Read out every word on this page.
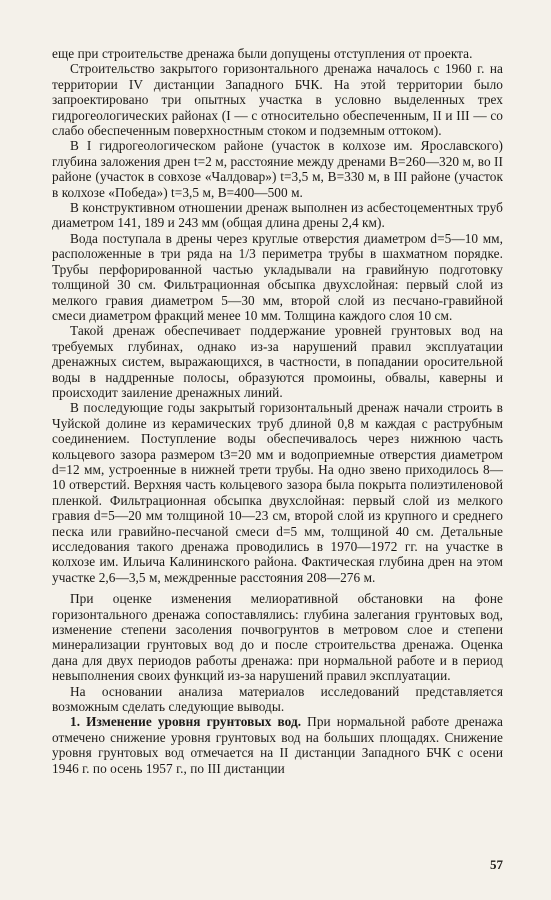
еще при строительстве дренажа были допущены отступления от проекта.

Строительство закрытого горизонтального дренажа началось с 1960 г. на территории IV дистанции Западного БЧК. На этой территории было запроектировано три опытных участка в условно выделенных трех гидрогеологических районах (I — с относительно обеспеченным, II и III — со слабо обеспеченным поверхностным стоком и подземным оттоком).

В I гидрогеологическом районе (участок в колхозе им. Ярославского) глубина заложения дрен t=2 м, расстояние между дренами B=260—320 м, во II районе (участок в совхозе «Чалдовар») t=3,5 м, B=330 м, в III районе (участок в колхозе «Победа») t=3,5 м, B=400—500 м.

В конструктивном отношении дренаж выполнен из асбестоцементных труб диаметром 141, 189 и 243 мм (общая длина дрены 2,4 км).

Вода поступала в дрены через круглые отверстия диаметром d=5—10 мм, расположенные в три ряда на 1/3 периметра трубы в шахматном порядке. Трубы перфорированной частью укладывали на гравийную подготовку толщиной 30 см. Фильтрационная обсыпка двухслойная: первый слой из мелкого гравия диаметром 5—30 мм, второй слой из песчано-гравийной смеси диаметром фракций менее 10 мм. Толщина каждого слоя 10 см.

Такой дренаж обеспечивает поддержание уровней грунтовых вод на требуемых глубинах, однако из-за нарушений правил эксплуатации дренажных систем, выражающихся, в частности, в попадании оросительной воды в наддренные полосы, образуются промоины, обвалы, каверны и происходит заиление дренажных линий.

В последующие годы закрытый горизонтальный дренаж начали строить в Чуйской долине из керамических труб длиной 0,8 м каждая с раструбным соединением. Поступление воды обеспечивалось через нижнюю часть кольцевого зазора размером t3=20 мм и водоприемные отверстия диаметром d=12 мм, устроенные в нижней трети трубы. На одно звено приходилось 8—10 отверстий. Верхняя часть кольцевого зазора была покрыта полиэтиленовой пленкой. Фильтрационная обсыпка двухслойная: первый слой из мелкого гравия d=5—20 мм толщиной 10—23 см, второй слой из крупного и среднего песка или гравийно-песчаной смеси d=5 мм, толщиной 40 см. Детальные исследования такого дренажа проводились в 1970—1972 гг. на участке в колхозе им. Ильича Калининского района. Фактическая глубина дрен на этом участке 2,6—3,5 м, междренные расстояния 208—276 м.

При оценке изменения мелиоративной обстановки на фоне горизонтального дренажа сопоставлялись: глубина залегания грунтовых вод, изменение степени засоления почвогрунтов в метровом слое и степени минерализации грунтовых вод до и после строительства дренажа. Оценка дана для двух периодов работы дренажа: при нормальной работе и в период невыполнения своих функций из-за нарушений правил эксплуатации.

На основании анализа материалов исследований представляется возможным сделать следующие выводы.

1. Изменение уровня грунтовых вод. При нормальной работе дренажа отмечено снижение уровня грунтовых вод на больших площадях. Снижение уровня грунтовых вод отмечается на II дистанции Западного БЧК с осени 1946 г. по осень 1957 г., по III дистанции

57
